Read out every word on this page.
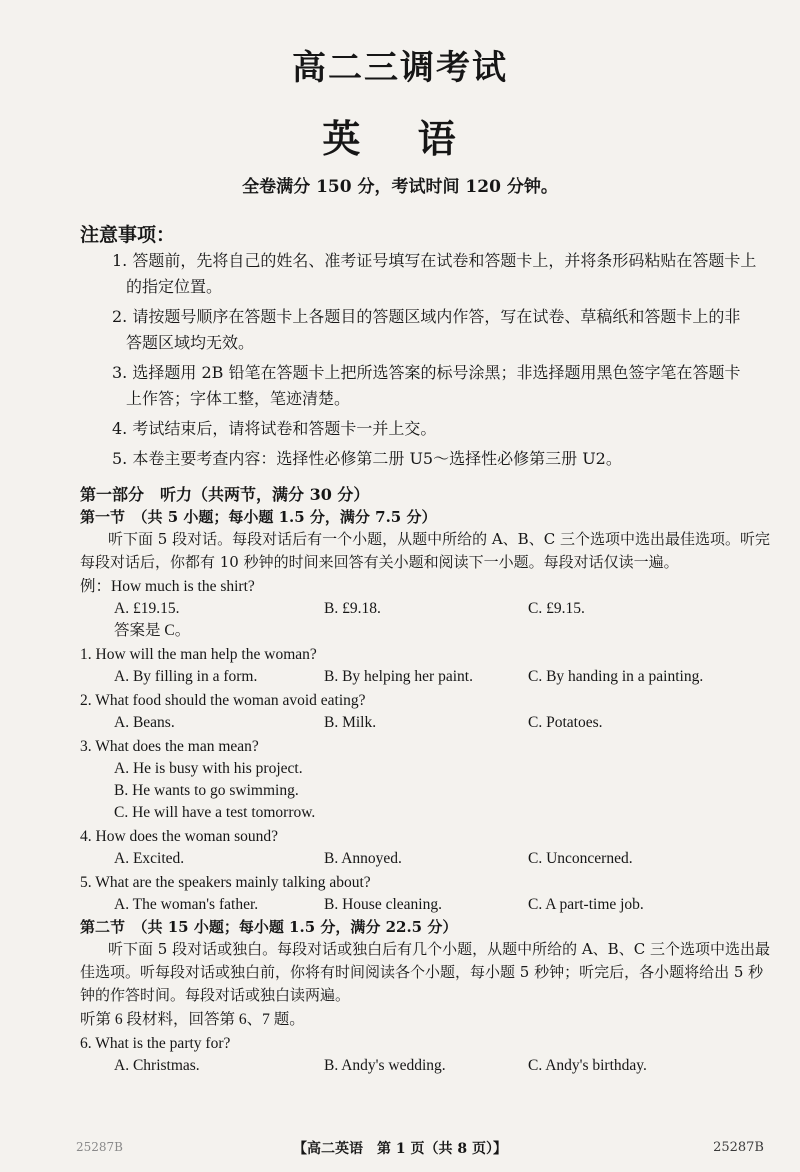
高二三调考试
英 语
全卷满分 150 分，考试时间 120 分钟。
注意事项：
1. 答题前，先将自己的姓名、准考证号填写在试卷和答题卡上，并将条形码粘贴在答题卡上
的指定位置。
2. 请按题号顺序在答题卡上各题目的答题区域内作答，写在试卷、草稿纸和答题卡上的非
答题区域均无效。
3. 选择题用 2B 铅笔在答题卡上把所选答案的标号涂黑；非选择题用黑色签字笔在答题卡
上作答；字体工整，笔迹清楚。
4. 考试结束后，请将试卷和答题卡一并上交。
5. 本卷主要考查内容：选择性必修第二册 U5～选择性必修第三册 U2。
第一部分　听力（共两节，满分 30 分）
第一节　（共 5 小题；每小题 1.5 分，满分 7.5 分）
听下面 5 段对话。每段对话后有一个小题，从题中所给的 A、B、C 三个选项中选出最佳选项。听完每段对话后，你都有 10 秒钟的时间来回答有关小题和阅读下一小题。每段对话仅读一遍。
例：How much is the shirt?
A. £19.15.	B. £9.18.	C. £9.15.
答案是 C。
1. How will the man help the woman?
A. By filling in a form.	B. By helping her paint.	C. By handing in a painting.
2. What food should the woman avoid eating?
A. Beans.	B. Milk.	C. Potatoes.
3. What does the man mean?
A. He is busy with his project.
B. He wants to go swimming.
C. He will have a test tomorrow.
4. How does the woman sound?
A. Excited.	B. Annoyed.	C. Unconcerned.
5. What are the speakers mainly talking about?
A. The woman's father.	B. House cleaning.	C. A part-time job.
第二节　（共 15 小题；每小题 1.5 分，满分 22.5 分）
听下面 5 段对话或独白。每段对话或独白后有几个小题，从题中所给的 A、B、C 三个选项中选出最佳选项。听每段对话或独白前，你将有时间阅读各个小题，每小题 5 秒钟；听完后，各小题将给出 5 秒钟的作答时间。每段对话或独白读两遍。
听第 6 段材料，回答第 6、7 题。
6. What is the party for?
A. Christmas.	B. Andy's wedding.	C. Andy's birthday.
25287B	【高二英语　第 1 页（共 8 页）】	25287B
